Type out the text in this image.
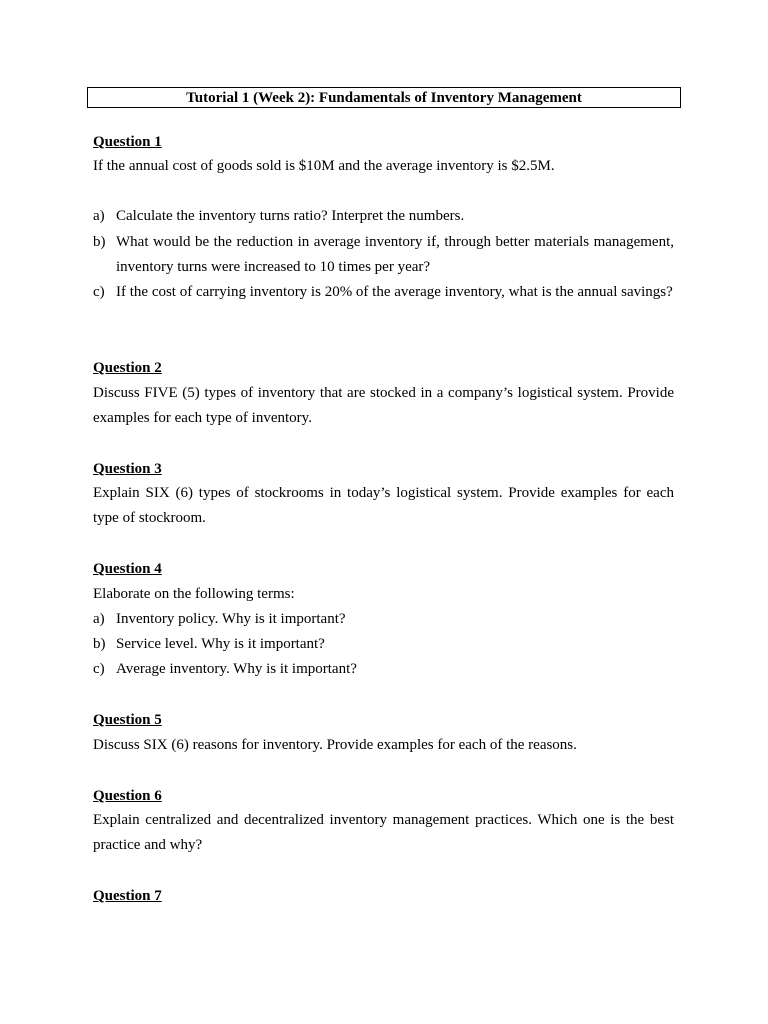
Tutorial 1 (Week 2): Fundamentals of Inventory Management
Question 1
If the annual cost of goods sold is $10M and the average inventory is $2.5M.
a) Calculate the inventory turns ratio? Interpret the numbers.
b) What would be the reduction in average inventory if, through better materials management, inventory turns were increased to 10 times per year?
c) If the cost of carrying inventory is 20% of the average inventory, what is the annual savings?
Question 2
Discuss FIVE (5) types of inventory that are stocked in a company’s logistical system. Provide examples for each type of inventory.
Question 3
Explain SIX (6) types of stockrooms in today’s logistical system. Provide examples for each type of stockroom.
Question 4
Elaborate on the following terms:
a) Inventory policy. Why is it important?
b) Service level. Why is it important?
c) Average inventory. Why is it important?
Question 5
Discuss SIX (6) reasons for inventory. Provide examples for each of the reasons.
Question 6
Explain centralized and decentralized inventory management practices. Which one is the best practice and why?
Question 7
